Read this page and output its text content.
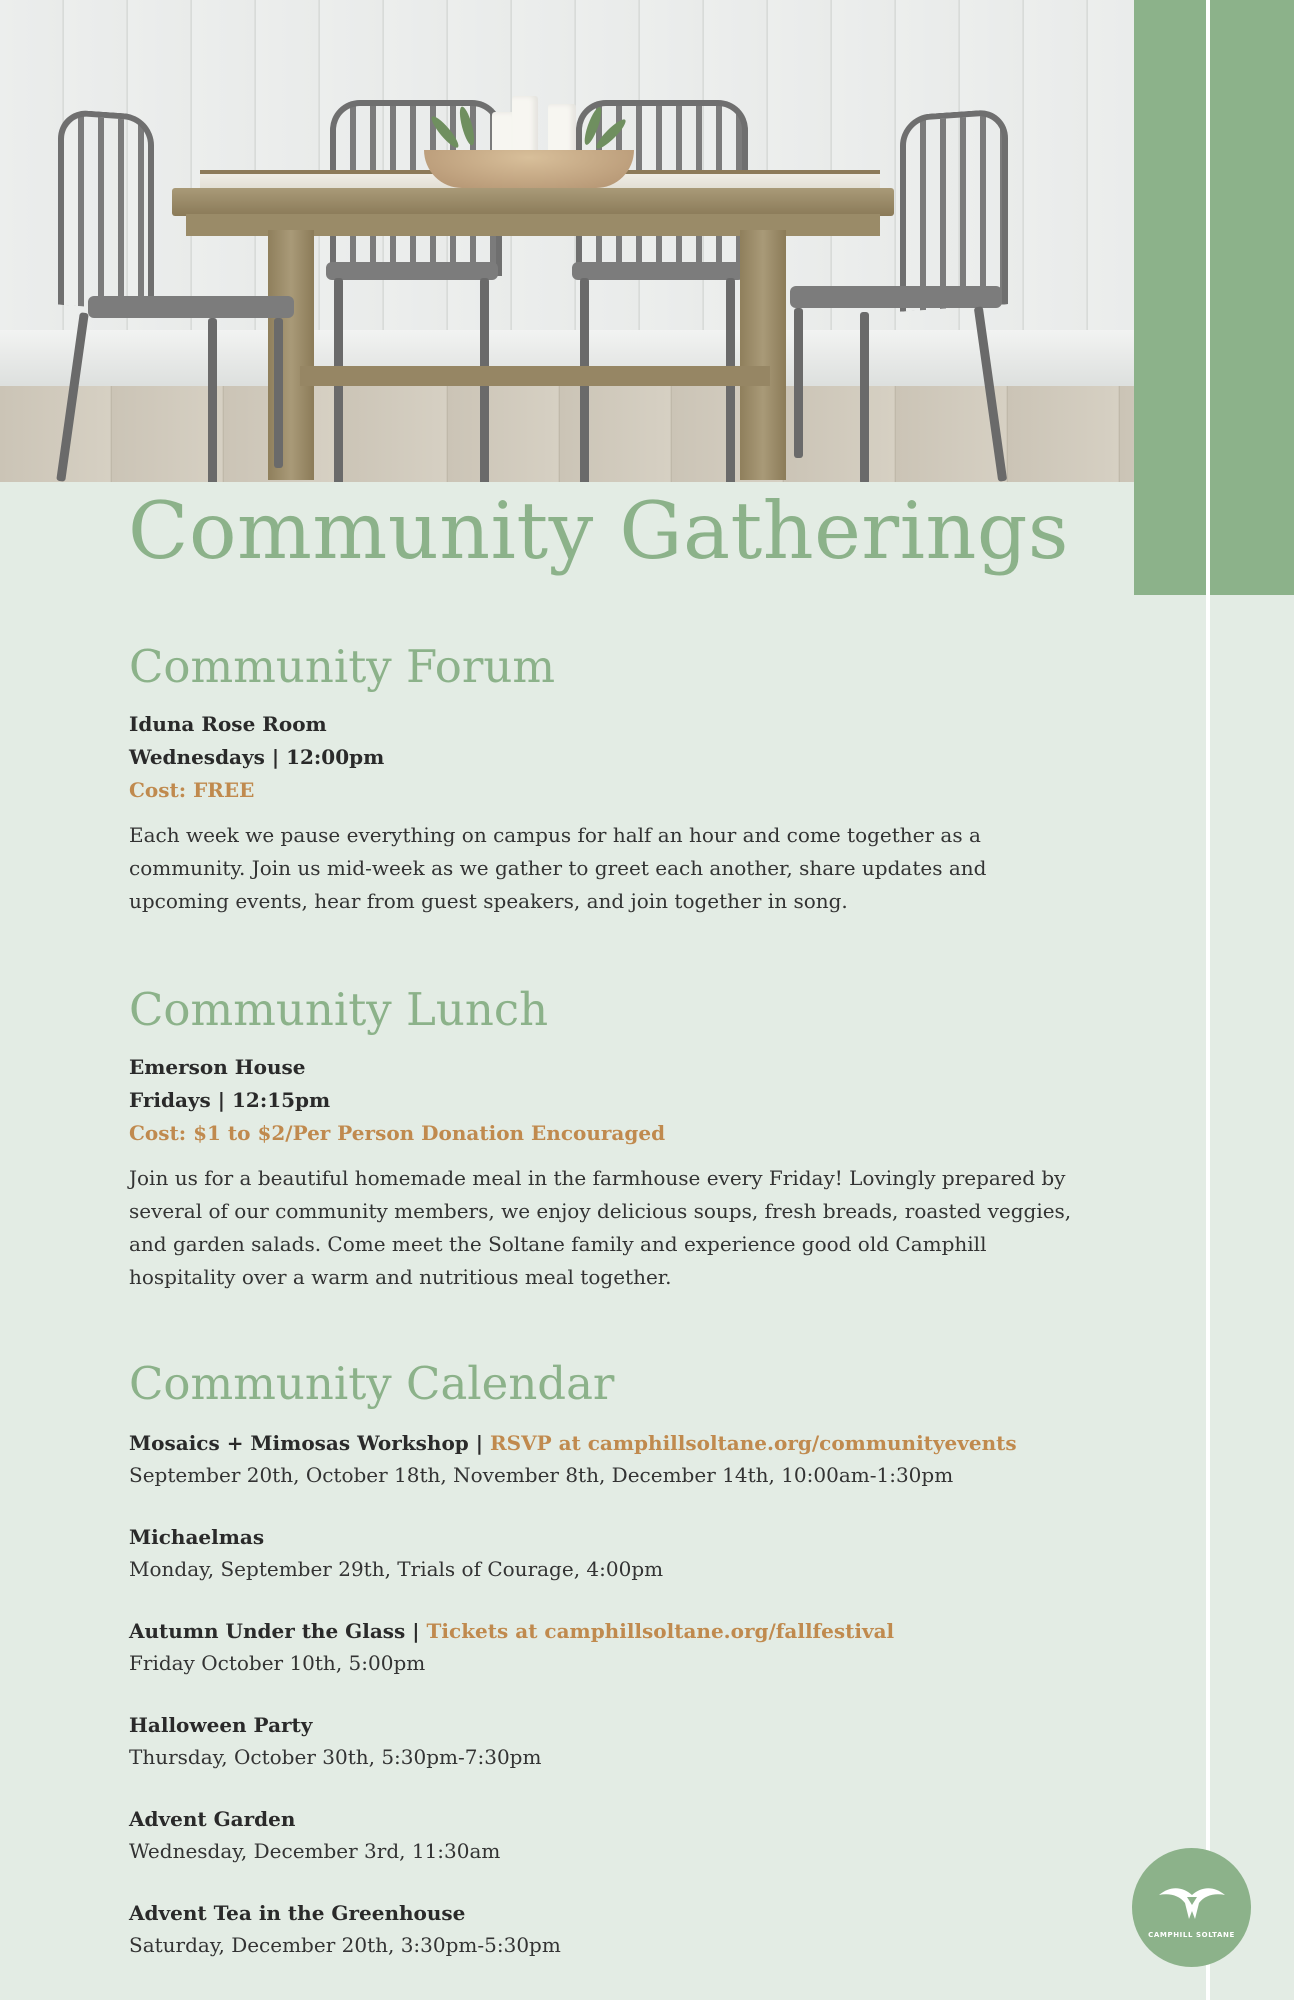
Community Gatherings
Community Forum
Iduna Rose Room
Wednesdays | 12:00pm
Cost: FREE
Each week we pause everything on campus for half an hour and come together as a community. Join us mid-week as we gather to greet each another, share updates and upcoming events, hear from guest speakers, and join together in song.
Community Lunch
Emerson House
Fridays | 12:15pm
Cost: $1 to $2/Per Person Donation Encouraged
Join us for a beautiful homemade meal in the farmhouse every Friday! Lovingly prepared by several of our community members, we enjoy delicious soups, fresh breads, roasted veggies, and garden salads. Come meet the Soltane family and experience good old Camphill hospitality over a warm and nutritious meal together.
Community Calendar
Mosaics + Mimosas Workshop | RSVP at camphillsoltane.org/communityevents
September 20th, October 18th, November 8th, December 14th, 10:00am-1:30pm
Michaelmas
Monday, September 29th, Trials of Courage, 4:00pm
Autumn Under the Glass | Tickets at camphillsoltane.org/fallfestival
Friday October 10th, 5:00pm
Halloween Party
Thursday, October 30th, 5:30pm-7:30pm
Advent Garden
Wednesday, December 3rd, 11:30am
Advent Tea in the Greenhouse
Saturday, December 20th, 3:30pm-5:30pm	CAMPHILL SOLTANE
